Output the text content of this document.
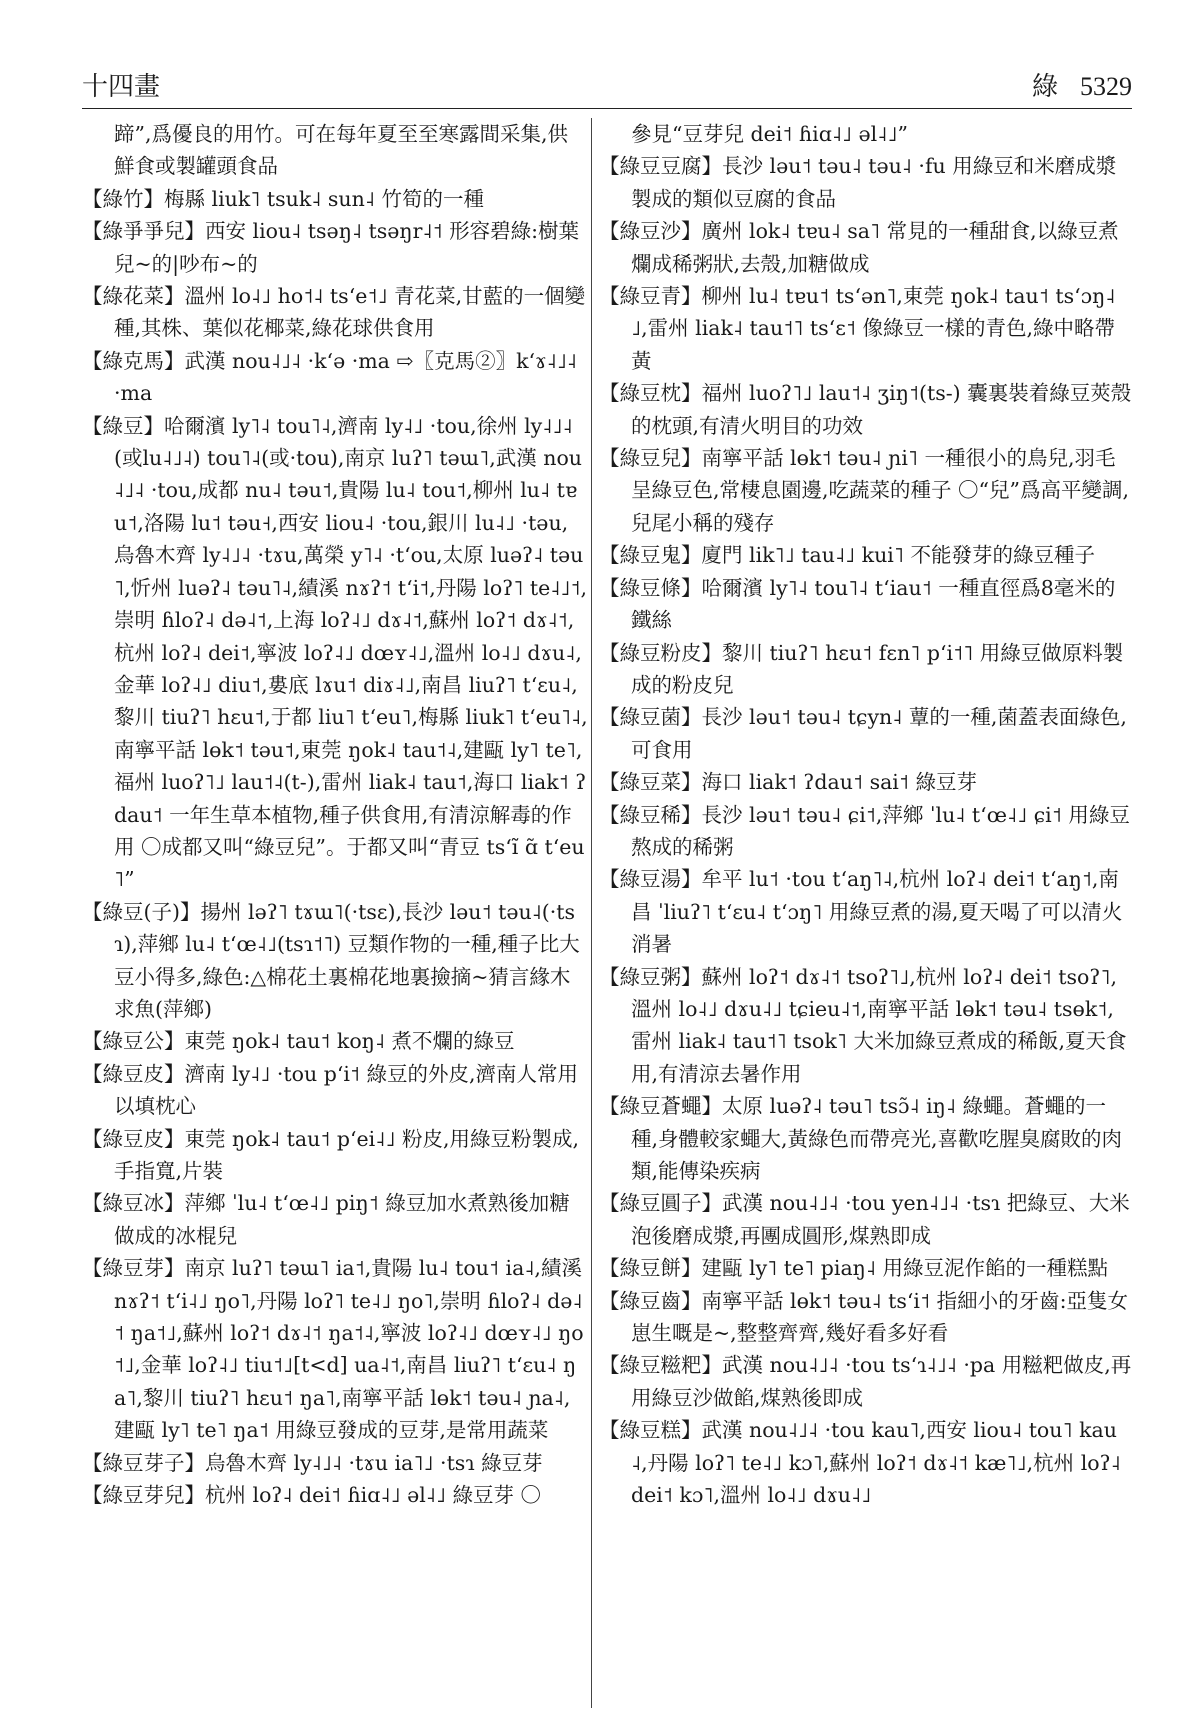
十四畫	綠 5329
蹄”,爲優良的用竹。可在每年夏至至寒露間采集,供鮮食或製罐頭食品
【綠竹】梅縣 liuk˥ tsuk˨ sun˨ 竹筍的一種
【綠爭爭兒】西安 liou˨ tsəŋ˨ tsəŋr˨˦ 形容碧綠:樹葉兒~的|吵布~的
【綠花菜】溫州 lo˨˩ ho˦˨ tsʻe˦˩ 青花菜,甘藍的一個變種,其株、葉似花椰菜,綠花球供食用
【綠克馬】武漢 nou˨˩˨ ·kʻə ·ma ⇨〖克馬②〗kʻɤ˨˩˨ ·ma
【綠豆】哈爾濱 ly˥˨ tou˥˨,濟南 ly˨˩ ·tou,徐州 ly˨˩˨(或lu˨˩˨) tou˥˨(或·tou),南京 luʔ˥ təɯ˥,武漢 nou˨˩˨ ·tou,成都 nu˨ təu˦,貴陽 lu˨ tou˦,柳州 lu˨ tɐu˦,洛陽 lu˦ təu˧,西安 liou˨ ·tou,銀川 lu˨˩ ·təu,烏魯木齊 ly˨˩˨ ·tɤu,萬榮 y˥˨ ·tʻou,太原 luəʔ˨ təu˥,忻州 luəʔ˨ təu˥˨,績溪 nɤʔ˦ tʻi˦,丹陽 loʔ˥ te˨˩˦,崇明 ɦloʔ˨ də˨˦,上海 loʔ˨˩ dɤ˨˦,蘇州 loʔ˦ dɤ˨˦,杭州 loʔ˨ dei˦,寧波 loʔ˨˩ dœʏ˨˩,溫州 lo˨˩ dɤu˨,金華 loʔ˨˩ diu˦,婁底 lɤu˦ diɤ˨˩,南昌 liuʔ˥ tʻɛu˨,黎川 tiuʔ˥ hɛu˦,于都 liu˥ tʻeu˥,梅縣 liuk˥ tʻeu˥˨,南寧平話 lɵk˦ təu˦,東莞 ŋok˨ tau˦˨,建甌 ly˥ te˥,福州 luoʔ˥˩ lau˦˨(t-),雷州 liak˨ tau˦,海口 liak˦ ʔdau˦ 一年生草本植物,種子供食用,有清涼解毒的作用 〇成都又叫“綠豆兒”。于都又叫“青豆 tsʻĩ ɑ̃ tʻeu˥”
【綠豆(子)】揚州 ləʔ˥ tɤɯ˥(·tsɛ),長沙 ləu˦ təu˨(·tsɿ),萍鄉 lu˨ tʻœ˨˩(tsɿ˦˥) 豆類作物的一種,種子比大豆小得多,綠色:△棉花土裏棉花地裏撿摘~猜言緣木求魚(萍鄉)
【綠豆公】東莞 ŋok˨ tau˦ koŋ˨ 煮不爛的綠豆
【綠豆皮】濟南 ly˨˩ ·tou pʻi˦ 綠豆的外皮,濟南人常用以填枕心
【綠豆皮】東莞 ŋok˨ tau˦ pʻei˨˩ 粉皮,用綠豆粉製成,手指寬,片裝
【綠豆冰】萍鄉 ˈlu˨ tʻœ˨˩ piŋ˦ 綠豆加水煮熟後加糖做成的冰棍兒
【綠豆芽】南京 luʔ˥ təɯ˥ ia˦,貴陽 lu˨ tou˦ ia˨,績溪 nɤʔ˦ tʻi˨˩ ŋo˥,丹陽 loʔ˥ te˨˩ ŋo˥,崇明 ɦloʔ˨ də˨˦ ŋa˦˩,蘇州 loʔ˦ dɤ˨˦ ŋa˦˨,寧波 loʔ˨˩ dœʏ˨˩ ŋo˦˩,金華 loʔ˨˩ tiu˦˩[t<d] ua˨˦,南昌 liuʔ˥ tʻɛu˨ ŋa˥,黎川 tiuʔ˥ hɛu˦ ŋa˥,南寧平話 lɵk˦ təu˨ ɲa˨,建甌 ly˥ te˥ ŋa˦ 用綠豆發成的豆芽,是常用蔬菜
【綠豆芽子】烏魯木齊 ly˨˩˨ ·tɤu ia˥˩ ·tsɿ 綠豆芽
【綠豆芽兒】杭州 loʔ˨ dei˦ ɦiɑ˨˩ əl˨˩ 綠豆芽 〇
參見“豆芽兒 dei˦ ɦiɑ˨˩ əl˨˩”
【綠豆豆腐】長沙 ləu˦ təu˨ təu˨ ·fu 用綠豆和米磨成漿製成的類似豆腐的食品
【綠豆沙】廣州 lok˨ tɐu˨ sa˥ 常見的一種甜食,以綠豆煮爛成稀粥狀,去殼,加糖做成
【綠豆青】柳州 lu˨ tɐu˦ tsʻən˥,東莞 ŋok˨ tau˦ tsʻɔŋ˨˩,雷州 liak˨ tau˦˥ tsʻɛ˦ 像綠豆一樣的青色,綠中略帶黃
【綠豆枕】福州 luoʔ˥˩ lau˦˨ ʒiŋ˦(ts-) 囊裏裝着綠豆莢殼的枕頭,有清火明目的功效
【綠豆兒】南寧平話 lɵk˦ təu˨ ɲi˥ 一種很小的鳥兒,羽毛呈綠豆色,常棲息園邊,吃蔬菜的種子 〇“兒”爲高平變調,兒尾小稱的殘存
【綠豆鬼】廈門 lik˥˩ tau˨˩ kui˥ 不能發芽的綠豆種子
【綠豆條】哈爾濱 ly˥˨ tou˥˨ tʻiau˦ 一種直徑爲8毫米的鐵絲
【綠豆粉皮】黎川 tiuʔ˥ hɛu˦ fɛn˥ pʻi˦˥ 用綠豆做原料製成的粉皮兒
【綠豆菌】長沙 ləu˦ təu˨ tɕyn˨ 蕈的一種,菌蓋表面綠色,可食用
【綠豆菜】海口 liak˦ ʔdau˦ sai˦ 綠豆芽
【綠豆稀】長沙 ləu˦ təu˨ ɕi˦,萍鄉 ˈlu˨ tʻœ˨˩ ɕi˦ 用綠豆熬成的稀粥
【綠豆湯】牟平 lu˦ ·tou tʻaŋ˥˨,杭州 loʔ˨ dei˦ tʻaŋ˦,南昌 ˈliuʔ˥ tʻɛu˨ tʻɔŋ˥ 用綠豆煮的湯,夏天喝了可以清火消暑
【綠豆粥】蘇州 loʔ˦ dɤ˨˦ tsoʔ˥˩,杭州 loʔ˨ dei˦ tsoʔ˥,溫州 lo˨˩ dɤu˨˩ tɕieu˨˦,南寧平話 lɵk˦ təu˨ tsɵk˦,雷州 liak˨ tau˦˥ tsok˥ 大米加綠豆煮成的稀飯,夏天食用,有清涼去暑作用
【綠豆蒼蠅】太原 luəʔ˨ təu˥ tsɔ̃˨ iŋ˨ 綠蠅。蒼蠅的一種,身體較家蠅大,黃綠色而帶亮光,喜歡吃腥臭腐敗的肉類,能傳染疾病
【綠豆圓子】武漢 nou˨˩˨ ·tou yen˨˩˨ ·tsɿ 把綠豆、大米泡後磨成漿,再團成圓形,煤熟即成
【綠豆餅】建甌 ly˥ te˥ piaŋ˨ 用綠豆泥作餡的一種糕點
【綠豆齒】南寧平話 lɵk˦ təu˨ tsʻi˦ 指細小的牙齒:亞隻女崽生嘅是~,整整齊齊,幾好看多好看
【綠豆糍粑】武漢 nou˨˩˨ ·tou tsʻɿ˨˩˨ ·pa 用糍粑做皮,再用綠豆沙做餡,煤熟後即成
【綠豆糕】武漢 nou˨˩˨ ·tou kau˥,西安 liou˨ tou˥ kau˨,丹陽 loʔ˥ te˨˩ kɔ˥,蘇州 loʔ˦ dɤ˨˦ kæ˥˩,杭州 loʔ˨ dei˦ kɔ˥,溫州 lo˨˩ dɤu˨˩
